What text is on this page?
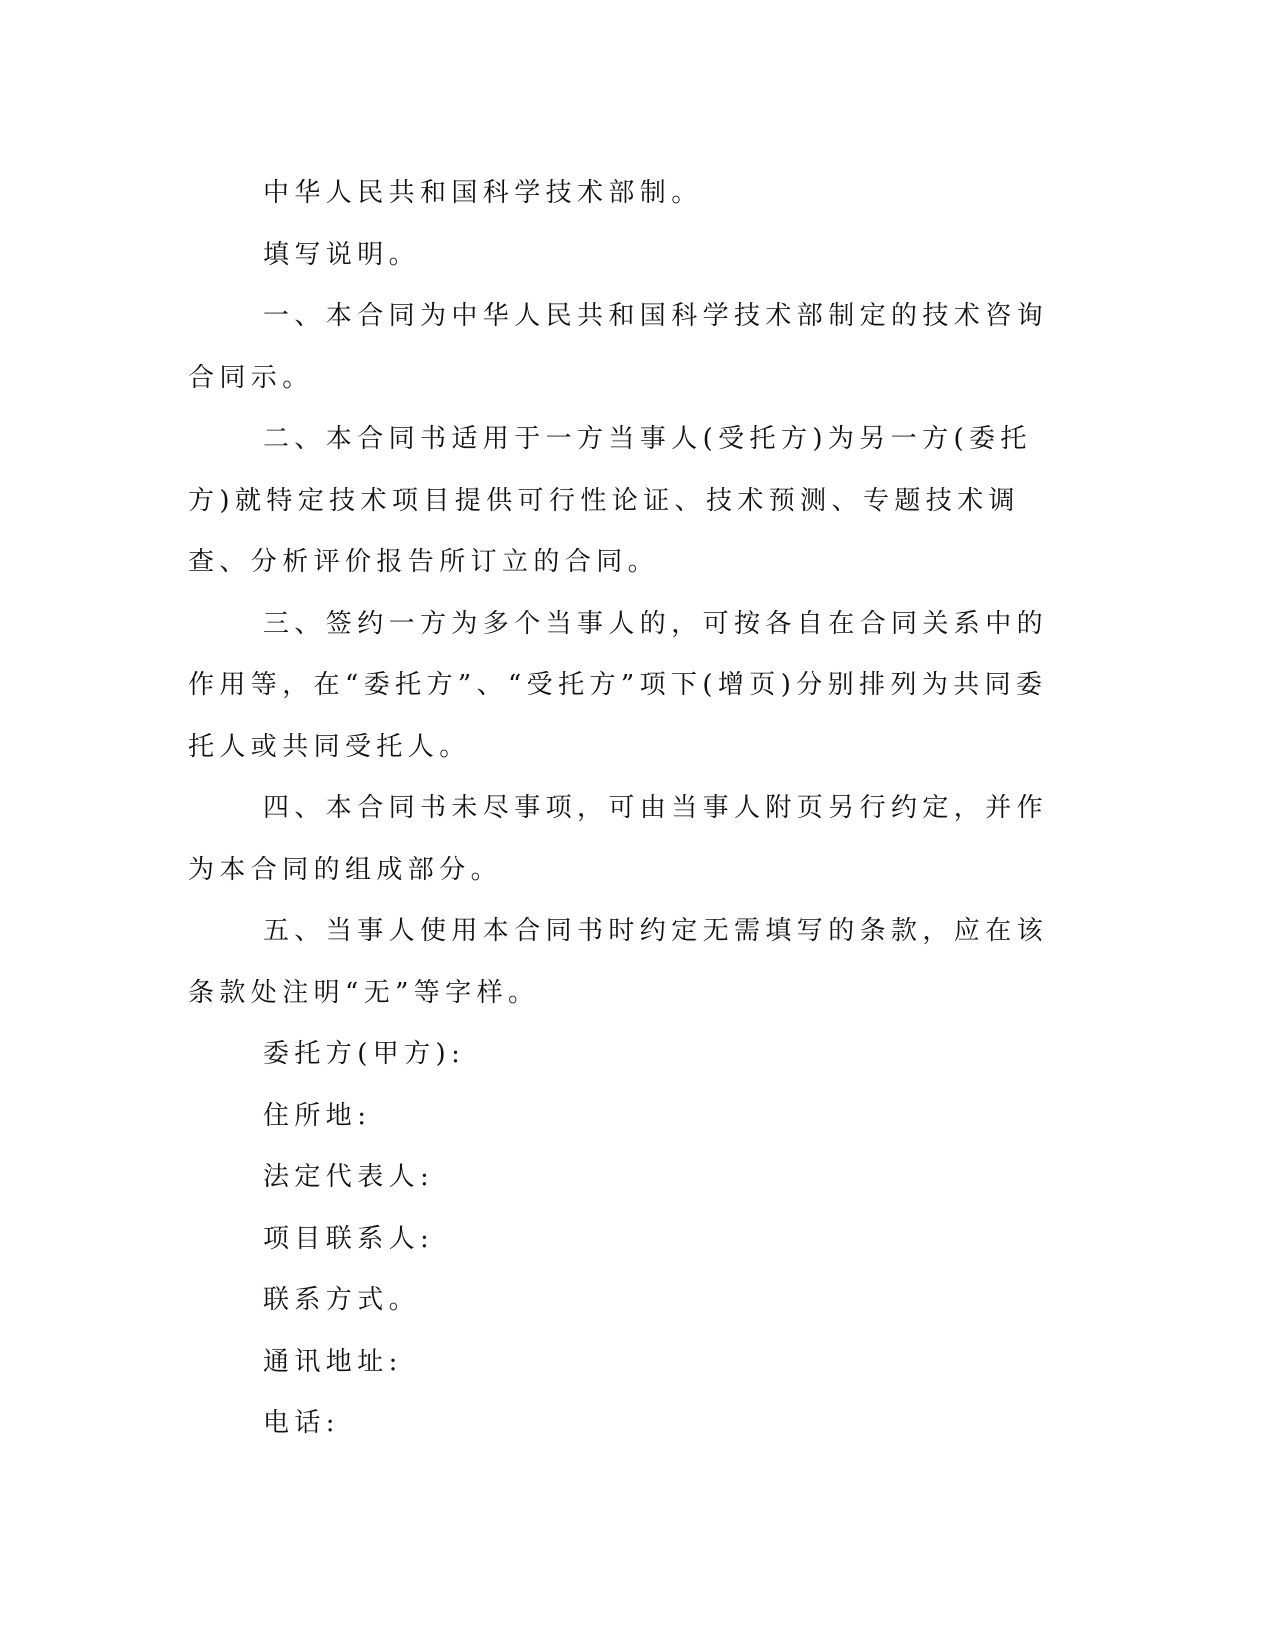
中华人民共和国科学技术部制。

填写说明。

一、本合同为中华人民共和国科学技术部制定的技术咨询合同示。

二、本合同书适用于一方当事人(受托方)为另一方(委托方)就特定技术项目提供可行性论证、技术预测、专题技术调查、分析评价报告所订立的合同。

三、签约一方为多个当事人的，可按各自在合同关系中的作用等，在“委托方”、“受托方”项下(增页)分别排列为共同委托人或共同受托人。

四、本合同书未尽事项，可由当事人附页另行约定，并作为本合同的组成部分。

五、当事人使用本合同书时约定无需填写的条款，应在该条款处注明“无”等字样。

委托方(甲方):

住所地:

法定代表人:

项目联系人:

联系方式。

通讯地址:

电话:
